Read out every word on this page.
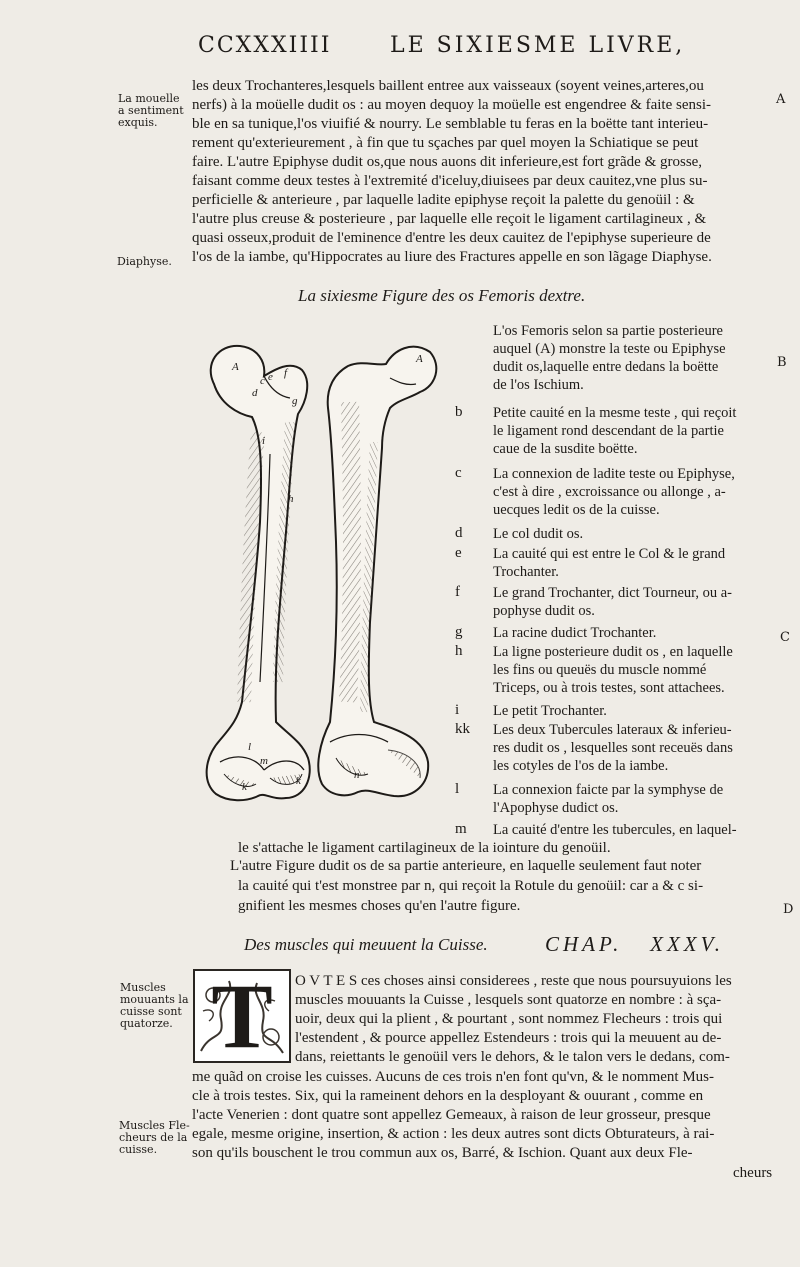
CCXXXIIII	LE SIXIESME LIVRE,
La mouelle
a sentiment
exquis.
Diaphyse.
Muscles
mouuants la
cuisse sont
quatorze.
Muscles Fle-
cheurs de la
cuisse.
A
B
C
D
les deux Trochanteres,lesquels baillent entree aux vaisseaux (soyent veines,arteres,ou
nerfs) à la moüelle dudit os : au moyen dequoy la moüelle est engendree & faite sensi-
ble en sa tunique,l'os viuifié & nourry. Le semblable tu feras en la boëtte tant interieu-
rement qu'exterieurement , à fin que tu sçaches par quel moyen la Schiatique se peut
faire. L'autre Epiphyse dudit os,que nous auons dit inferieure,est fort grãde & grosse,
faisant comme deux testes à l'extremité d'iceluy,diuisees par deux cauitez,vne plus su-
perficielle & anterieure , par laquelle ladite epiphyse reçoit la palette du genoüil : &
l'autre plus creuse & posterieure , par laquelle elle reçoit le ligament cartilagineux , &
quasi osseux,produit de l'eminence d'entre les deux cauitez de l'epiphyse superieure de
l'os de la iambe, qu'Hippocrates au liure des Fractures appelle en son lãgage Diaphyse.
La sixiesme Figure des os Femoris dextre.
A
c e f
d
g
i
h
l
m
k	k
A
n
L'os Femoris selon sa partie posterieure
auquel (A) monstre la teste ou Epiphyse
dudit os,laquelle entre dedans la boëtte
de l'os Ischium.
b	Petite cauité en la mesme teste , qui reçoit
le ligament rond descendant de la partie
caue de la susdite boëtte.
c	La connexion de ladite teste ou Epiphyse,
c'est à dire , excroissance ou allonge , a-
uecques ledit os de la cuisse.
d	Le col dudit os.
e	La cauité qui est entre le Col & le grand
Trochanter.
f	Le grand Trochanter, dict Tourneur, ou a-
pophyse dudit os.
g	La racine dudict Trochanter.
h	La ligne posterieure dudit os , en laquelle
les fins ou queuës du muscle nommé
Triceps, ou à trois testes, sont attachees.
i	Le petit Trochanter.
kk	Les deux Tubercules lateraux & inferieu-
res dudit os , lesquelles sont receuës dans
les cotyles de l'os de la iambe.
l	La connexion faicte par la symphyse de
l'Apophyse dudict os.
m	La cauité d'entre les tubercules, en laquel-
le s'attache le ligament cartilagineux de la iointure du genoüil.
L'autre Figure dudit os de sa partie anterieure, en laquelle seulement faut noter
la cauité qui t'est monstree par n, qui reçoit la Rotule du genoüil: car a & c si-
gnifient les mesmes choses qu'en l'autre figure.
Des muscles qui meuuent la Cuisse.	CHAP.   XXXV.
T	O V T E S ces choses ainsi considerees , reste que nous poursuyuions les
muscles mouuants la Cuisse , lesquels sont quatorze en nombre : à sça-
uoir, deux qui la plient , & pourtant , sont nommez Flecheurs : trois qui
l'estendent , & pource appellez Estendeurs : trois qui la meuuent au de-
dans, reiettants le genoüil vers le dehors, & le talon vers le dedans, com-
me quãd on croise les cuisses. Aucuns de ces trois n'en font qu'vn, & le nomment Mus-
cle à trois testes. Six, qui la rameinent dehors en la desployant & ouurant , comme en
l'acte Venerien : dont quatre sont appellez Gemeaux, à raison de leur grosseur, presque
egale, mesme origine, insertion, & action : les deux autres sont dicts Obturateurs, à rai-
son qu'ils bouschent le trou commun aux os, Barré, & Ischion. Quant aux deux Fle-
cheurs
